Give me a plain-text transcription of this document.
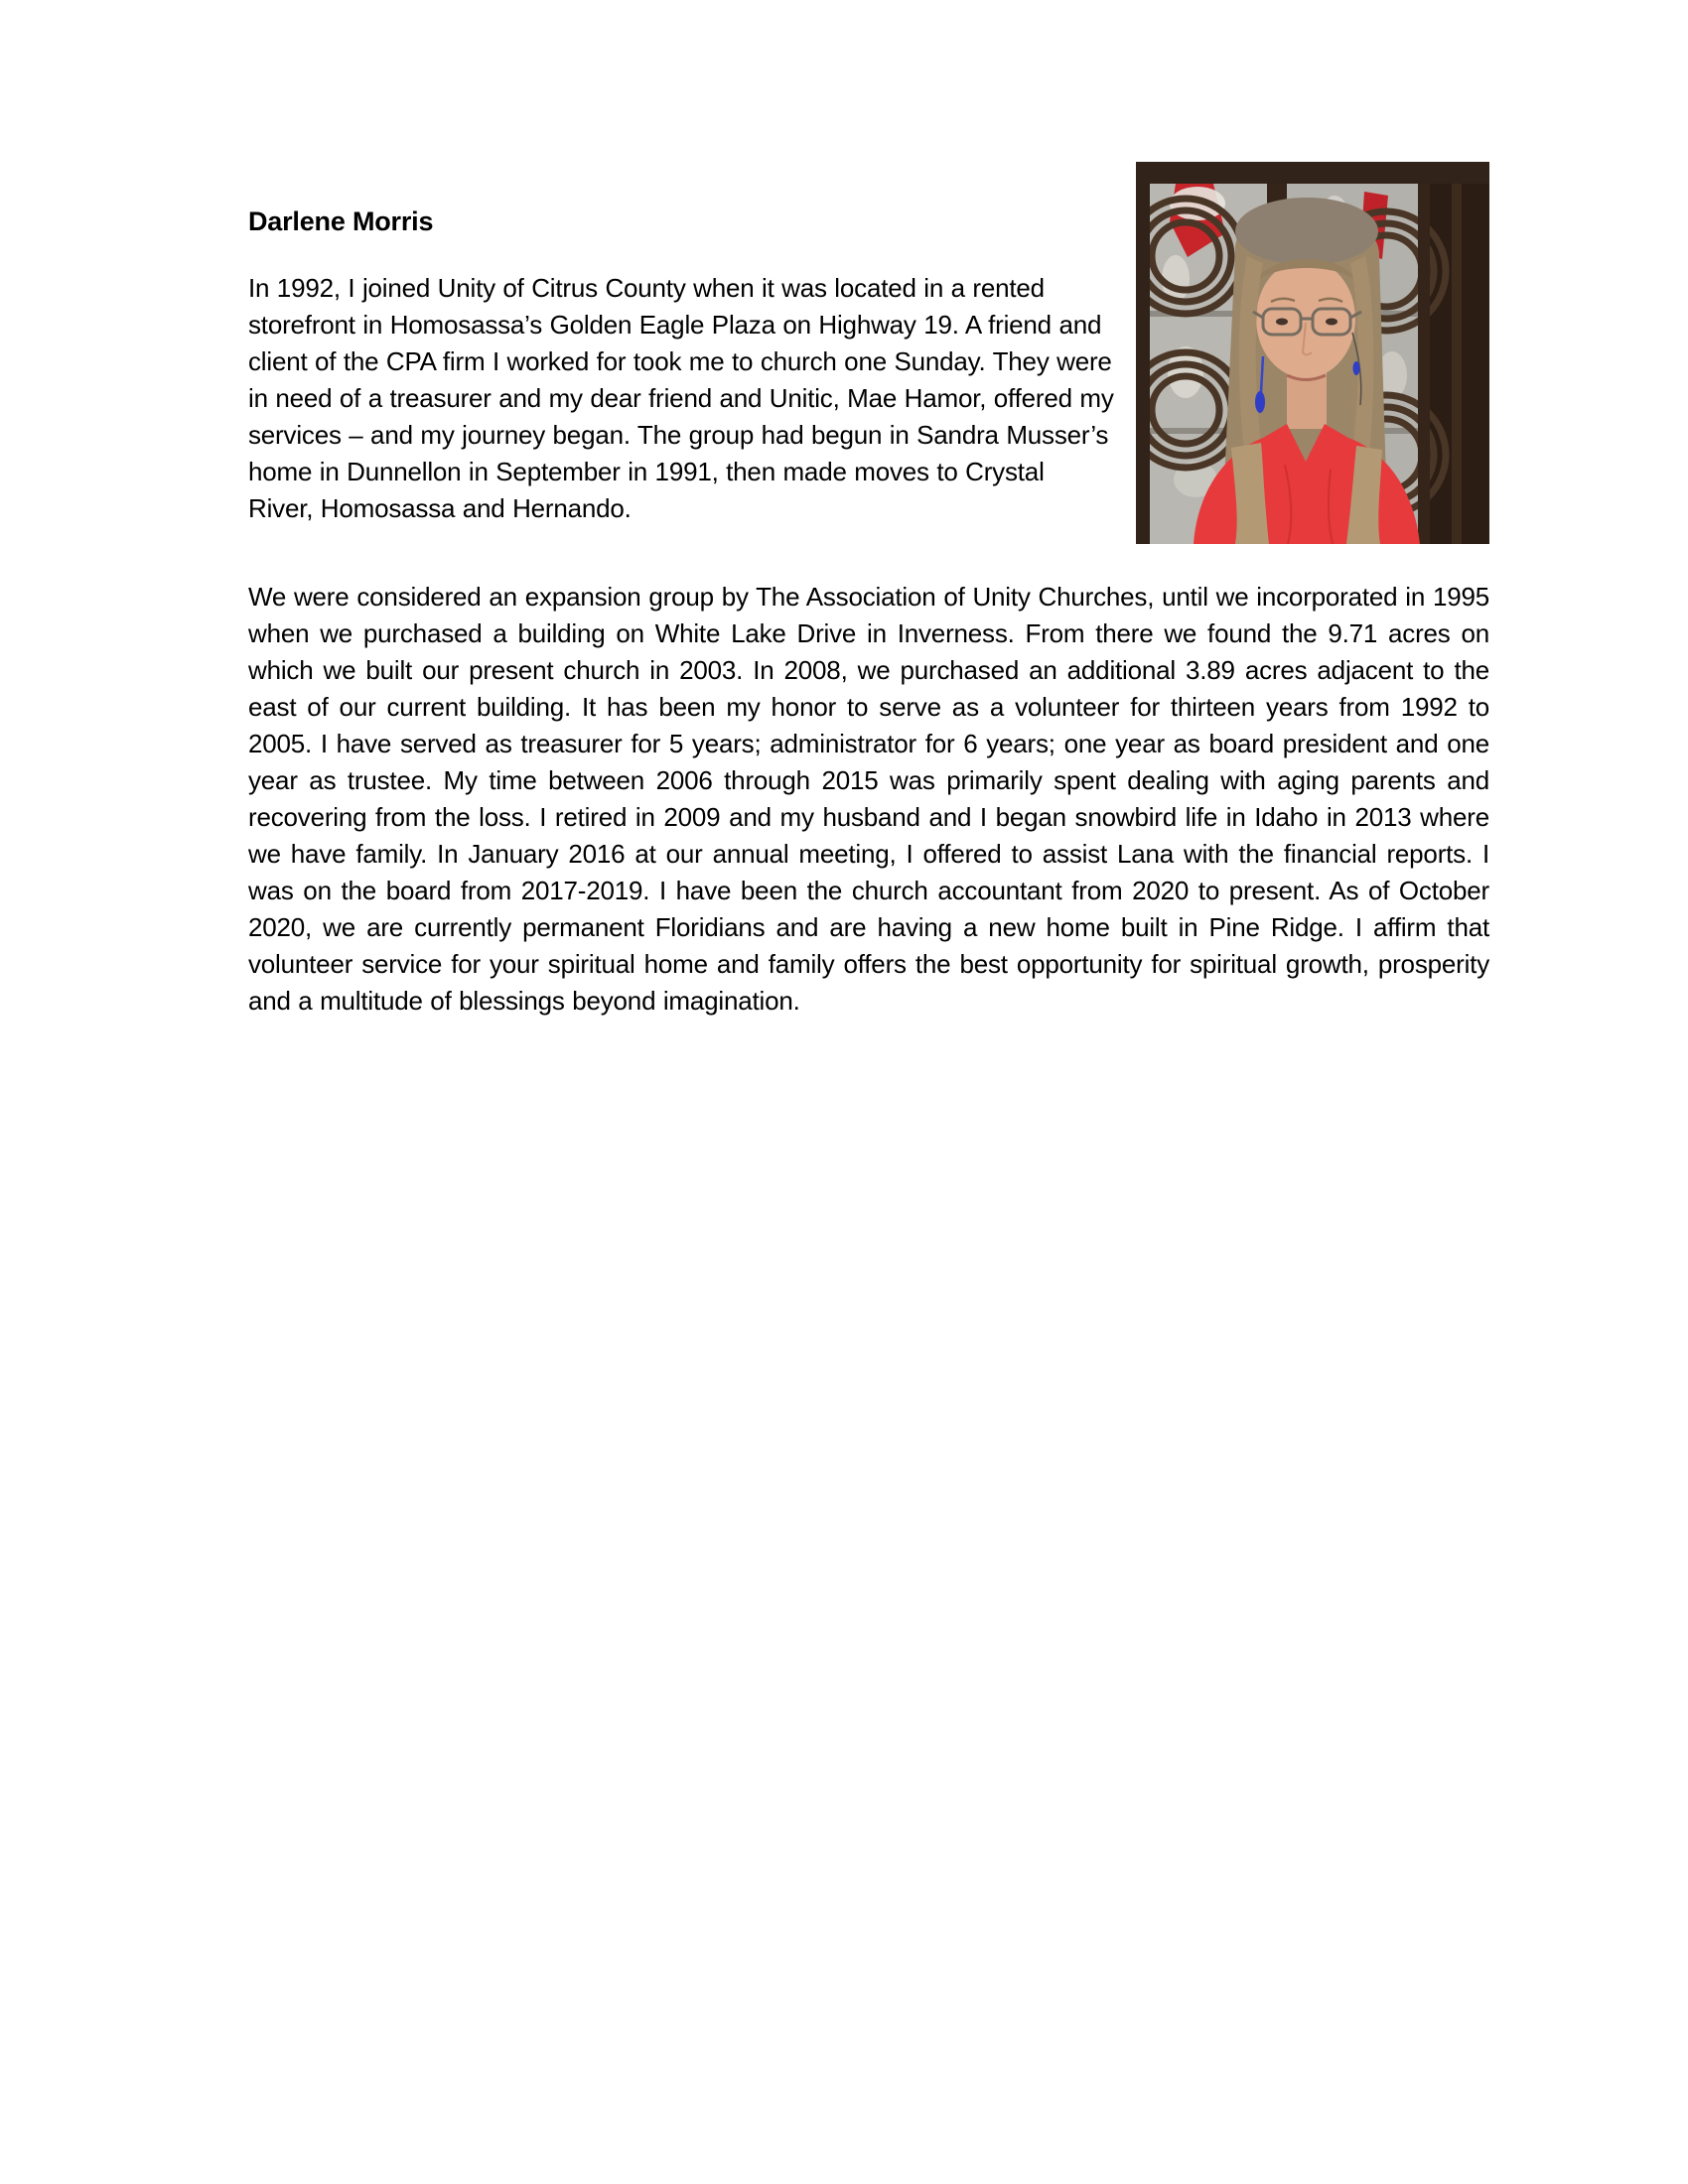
Darlene Morris
In 1992, I joined Unity of Citrus County when it was located in a rented storefront in Homosassa’s Golden Eagle Plaza on Highway 19. A friend and client of the CPA firm I worked for took me to church one Sunday. They were in need of a treasurer and my dear friend and Unitic, Mae Hamor, offered my services – and my journey began. The group had begun in Sandra Musser’s home in Dunnellon in September in 1991, then made moves to Crystal River, Homosassa and Hernando.
We were considered an expansion group by The Association of Unity Churches, until we incorporated in 1995 when we purchased a building on White Lake Drive in Inverness. From there we found the 9.71 acres on which we built our present church in 2003. In 2008, we purchased an additional 3.89 acres adjacent to the east of our current building. It has been my honor to serve as a volunteer for thirteen years from 1992 to 2005. I have served as treasurer for 5 years; administrator for 6 years; one year as board president and one year as trustee. My time between 2006 through 2015 was primarily spent dealing with aging parents and recovering from the loss. I retired in 2009 and my husband and I began snowbird life in Idaho in 2013 where we have family. In January 2016 at our annual meeting, I offered to assist Lana with the financial reports. I was on the board from 2017-2019. I have been the church accountant from 2020 to present. As of October 2020, we are currently permanent Floridians and are having a new home built in Pine Ridge. I affirm that volunteer service for your spiritual home and family offers the best opportunity for spiritual growth, prosperity and a multitude of blessings beyond imagination.
